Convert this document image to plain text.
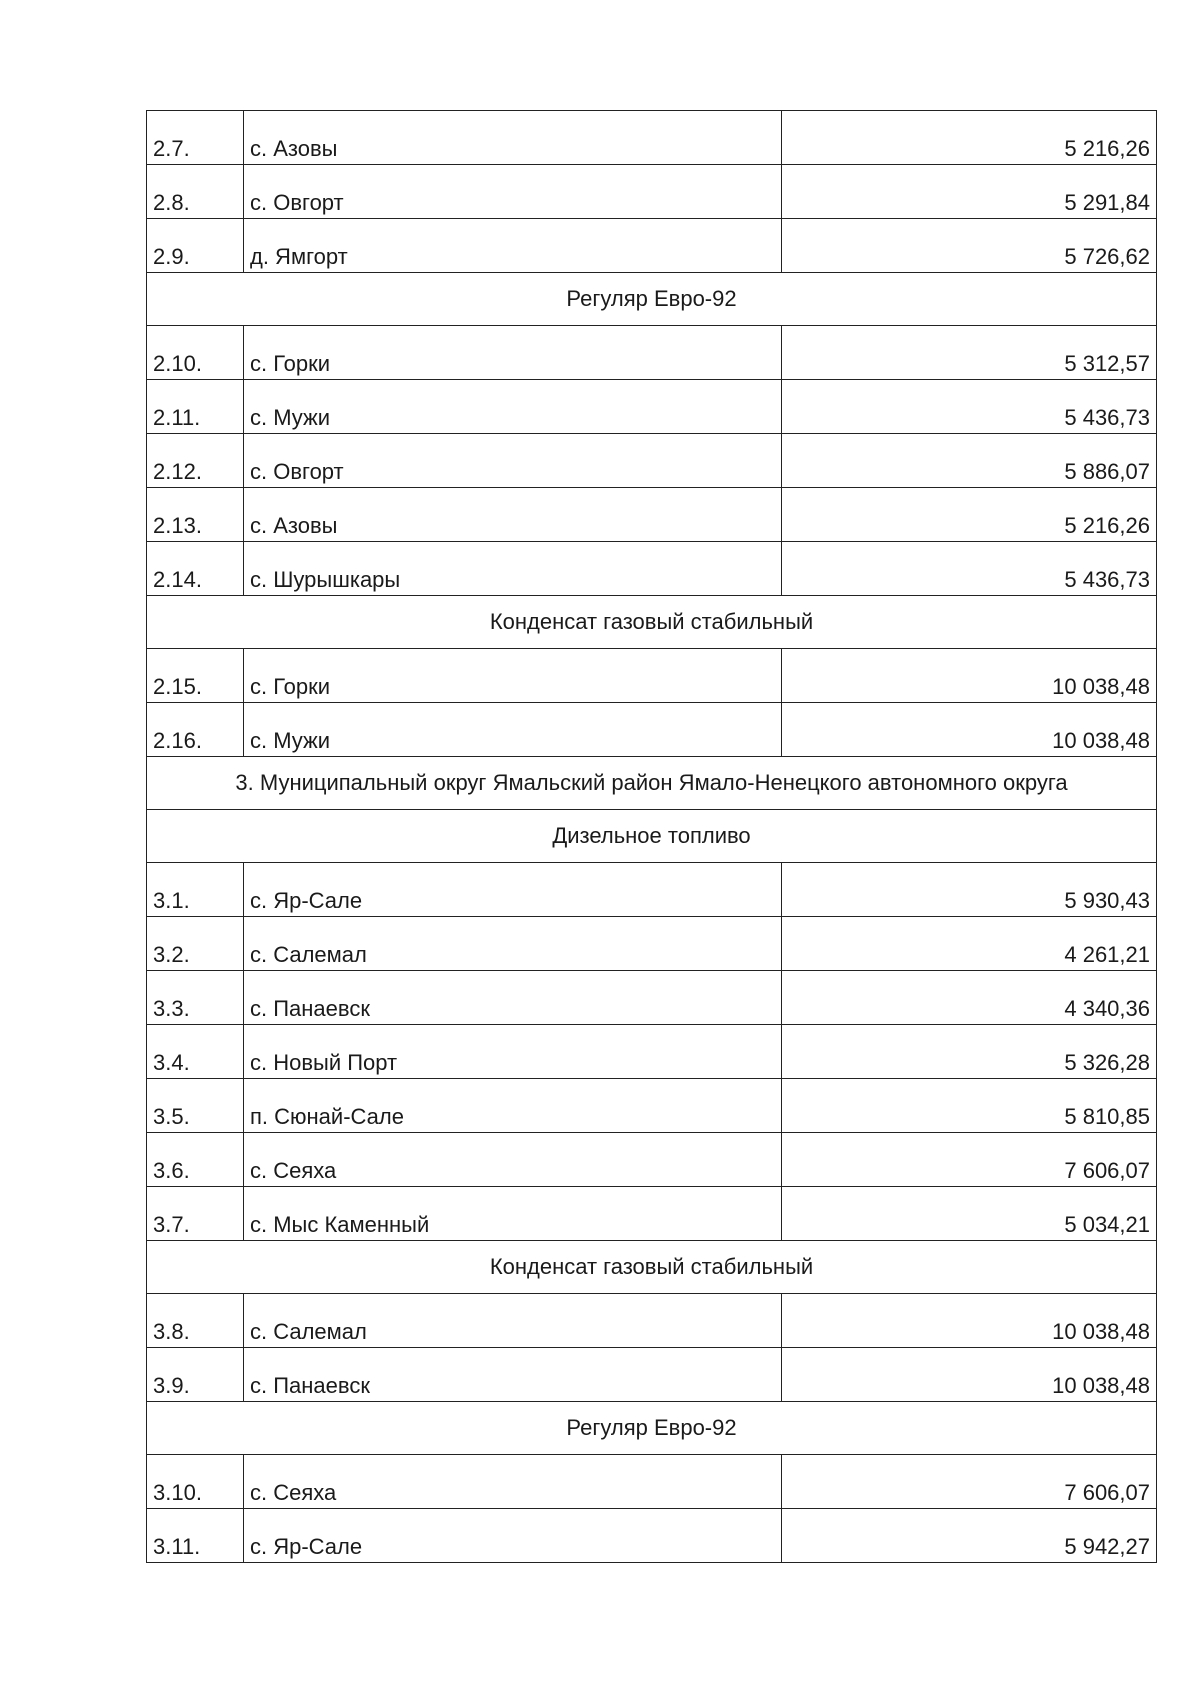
2.7.	с. Азовы	5 216,26
2.8.	с. Овгорт	5 291,84
2.9.	д. Ямгорт	5 726,62
Регуляр Евро-92		
2.10.	с. Горки	5 312,57
2.11.	с. Мужи	5 436,73
2.12.	с. Овгорт	5 886,07
2.13.	с. Азовы	5 216,26
2.14.	с. Шурышкары	5 436,73
Конденсат газовый стабильный		
2.15.	с. Горки	10 038,48
2.16.	с. Мужи	10 038,48
3. Муниципальный округ Ямальский район Ямало-Ненецкого автономного округа		
Дизельное топливо		
3.1.	с. Яр-Сале	5 930,43
3.2.	с. Салемал	4 261,21
3.3.	с. Панаевск	4 340,36
3.4.	с. Новый Порт	5 326,28
3.5.	п. Сюнай-Сале	5 810,85
3.6.	с. Сеяха	7 606,07
3.7.	с. Мыс Каменный	5 034,21
Конденсат газовый стабильный		
3.8.	с. Салемал	10 038,48
3.9.	с. Панаевск	10 038,48
Регуляр Евро-92		
3.10.	с. Сеяха	7 606,07
3.11.	с. Яр-Сале	5 942,27
